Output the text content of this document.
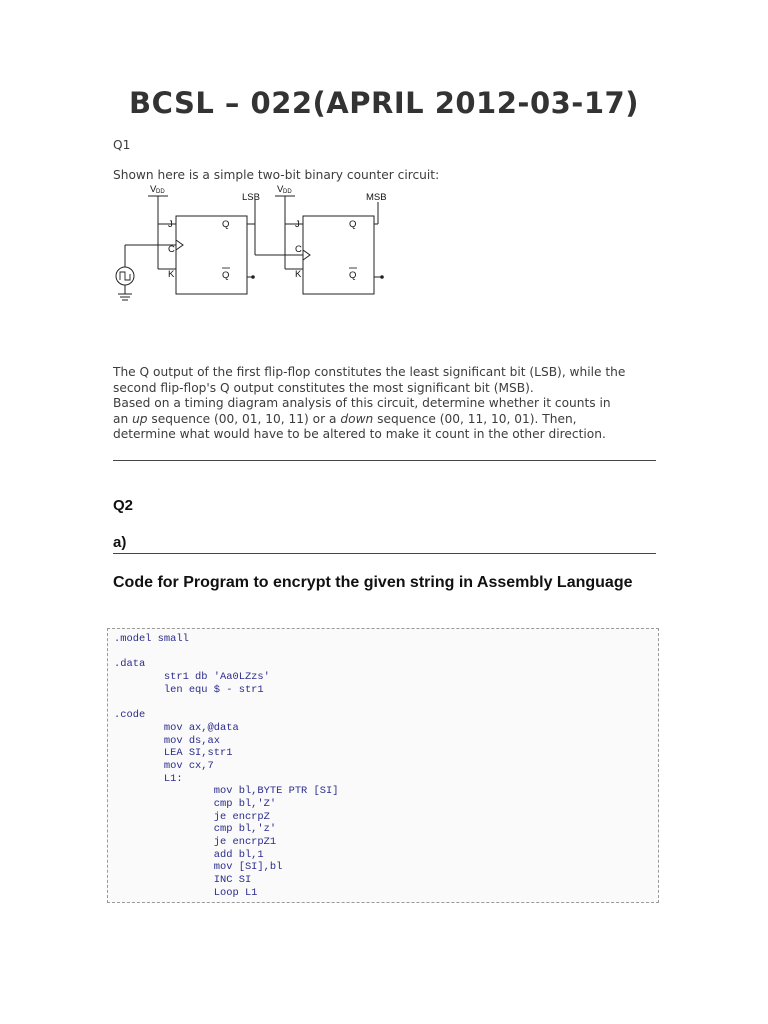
BCSL – 022(APRIL 2012-03-17)

Q1

Shown here is a simple two-bit binary counter circuit:

V DD	LSB
V DD	MSB
J
C
K
Q
Q
J
C
K
Q
Q
The Q output of the first flip-flop constitutes the least significant bit (LSB), while the
second flip-flop's Q output constitutes the most significant bit (MSB).
Based on a timing diagram analysis of this circuit, determine whether it counts in
an up sequence (00, 01, 10, 11) or a down sequence (00, 11, 10, 01). Then,
determine what would have to be altered to make it count in the other direction.
Q2
a)
Code for Program to encrypt the given string in Assembly Language
.model small
.data
str1 db 'Aa0LZzs'
len equ $ - str1
.code
mov ax,@data
mov ds,ax
LEA SI,str1
mov cx,7
L1:
mov bl,BYTE PTR [SI]
cmp bl,'Z'
je encrpZ
cmp bl,'z'
je encrpZ1
add bl,1
mov [SI],bl
INC SI
Loop L1
